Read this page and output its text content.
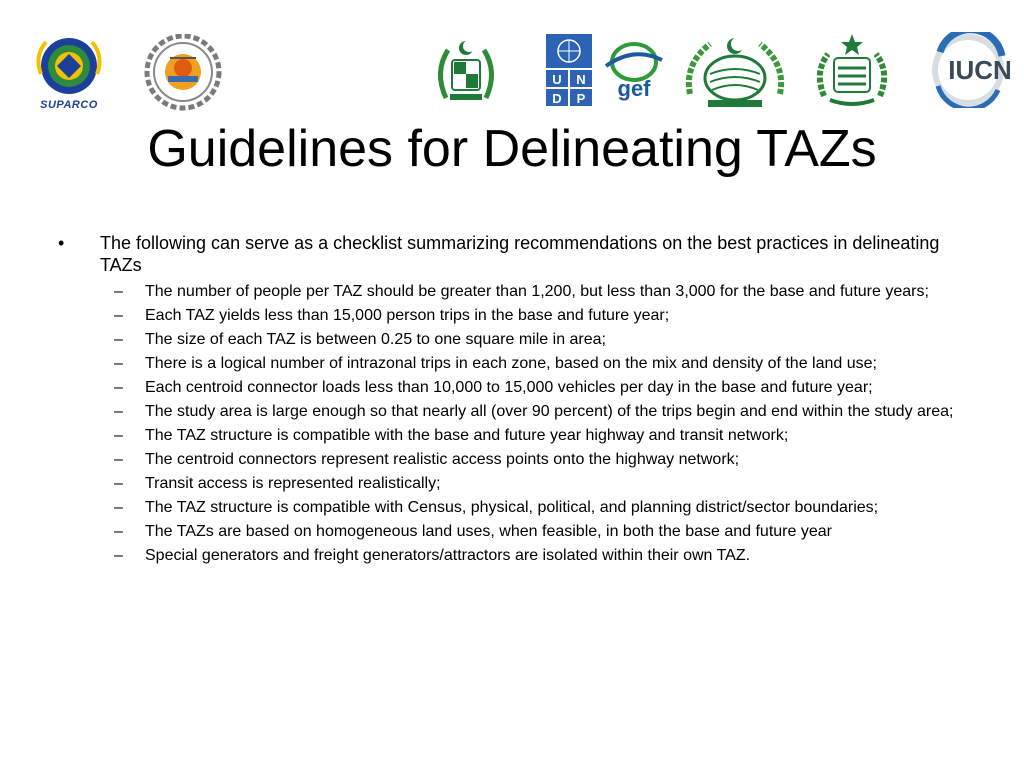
SUPARCO
U N
D P gef
IUCN
Guidelines for Delineating TAZs
• The following can serve as a checklist summarizing recommendations on the best practices in delineating TAZs
– The number of people per TAZ should be greater than 1,200, but less than 3,000 for the base and future years;
– Each TAZ yields less than 15,000 person trips in the base and future year;
– The size of each TAZ is between 0.25 to one square mile in area;
– There is a logical number of intrazonal trips in each zone, based on the mix and density of the land use;
– Each centroid connector loads less than 10,000 to 15,000 vehicles per day in the base and future year;
– The study area is large enough so that nearly all (over 90 percent) of the trips begin and end within the study area;
– The TAZ structure is compatible with the base and future year highway and transit network;
– The centroid connectors represent realistic access points onto the highway network;
– Transit access is represented realistically;
– The TAZ structure is compatible with Census, physical, political, and planning district/sector boundaries;
– The TAZs are based on homogeneous land uses, when feasible, in both the base and future year
– Special generators and freight generators/attractors are isolated within their own TAZ.
